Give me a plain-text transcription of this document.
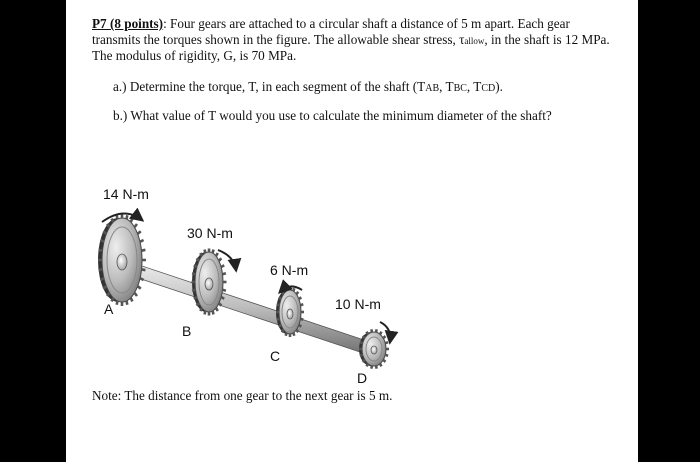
P7 (8 points): Four gears are attached to a circular shaft a distance of 5 m apart. Each gear
transmits the torques shown in the figure. The allowable shear stress, τallow, in the shaft is 12 MPa.
The modulus of rigidity, G, is 70 MPa.
a.) Determine the torque, T, in each segment of the shaft (TAB, TBC, TCD).
b.) What value of T would you use to calculate the minimum diameter of the shaft?
14 N-m
30 N-m
6 N-m
10 N-m
A
B
C
D
Note: The distance from one gear to the next gear is 5 m.
